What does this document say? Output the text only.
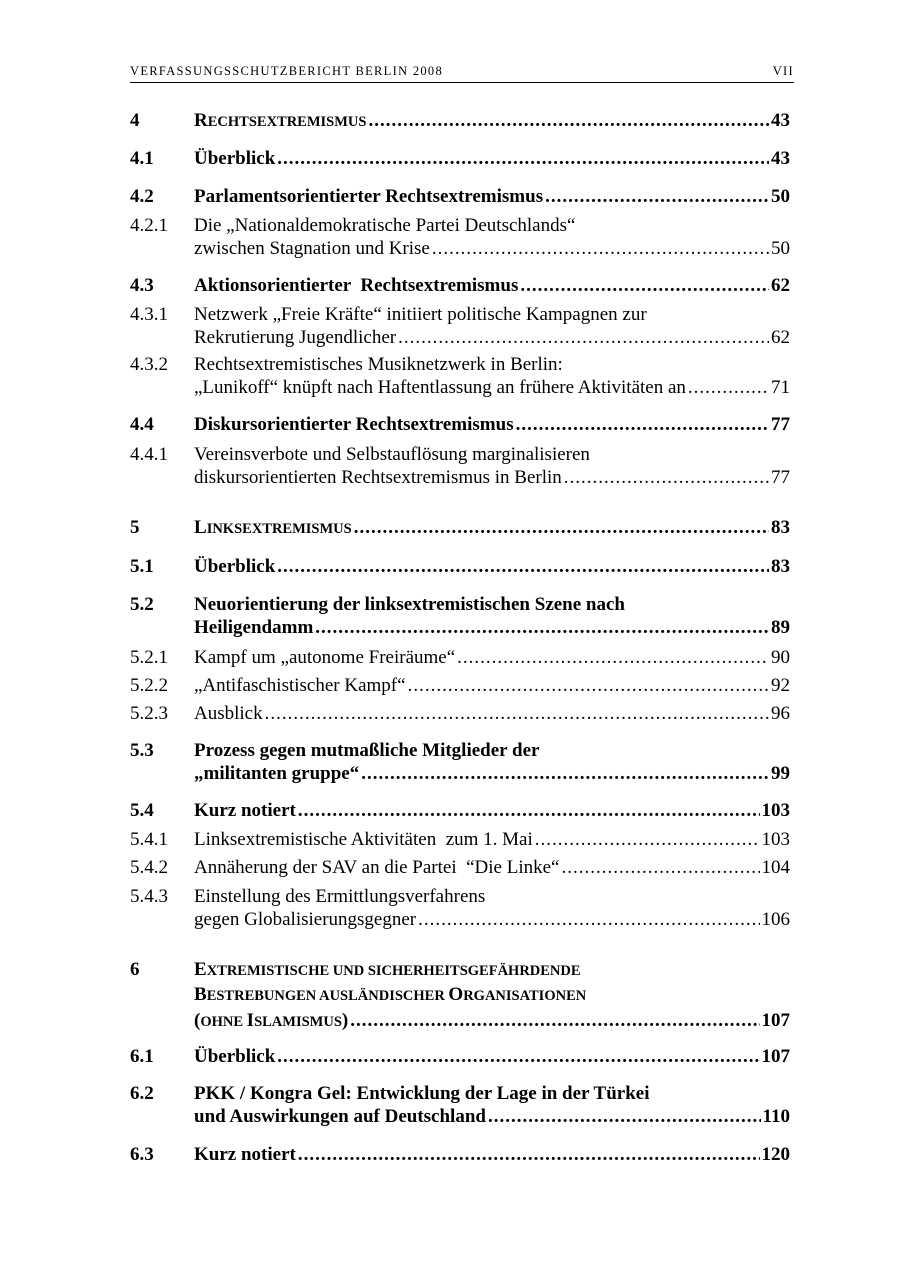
VERFASSUNGSSCHUTZBERICHT BERLIN 2008	VII
4	RECHTSEXTREMISMUS .....	43
4.1 Überblick .....	43
4.2 Parlamentsorientierter Rechtsextremismus .....	50
4.2.1 Die „Nationaldemokratische Partei Deutschlands“
zwischen Stagnation und Krise .....	50
4.3 Aktionsorientierter  Rechtsextremismus .....	62
4.3.1 Netzwerk „Freie Kräfte“ initiiert politische Kampagnen zur
Rekrutierung Jugendlicher .....	62
4.3.2 Rechtsextremistisches Musiknetzwerk in Berlin:
„Lunikoff“ knüpft nach Haftentlassung an frühere Aktivitäten an .....	71
4.4 Diskursorientierter Rechtsextremismus .....	77
4.4.1 Vereinsverbote und Selbstauflösung marginalisieren
diskursorientierten Rechtsextremismus in Berlin .....	77
5	LINKSEXTREMISMUS .....	83
5.1 Überblick .....	83
5.2 Neuorientierung der linksextremistischen Szene nach
Heiligendamm .....	89
5.2.1 Kampf um „autonome Freiräume“ .....	90
5.2.2 „Antifaschistischer Kampf“ .....	92
5.2.3 Ausblick .....	96
5.3 Prozess gegen mutmaßliche Mitglieder der
„militanten gruppe“ .....	99
5.4 Kurz notiert .....	103
5.4.1 Linksextremistische Aktivitäten  zum 1. Mai .....	103
5.4.2 Annäherung der SAV an die Partei  “Die Linke“ .....	104
5.4.3 Einstellung des Ermittlungsverfahrens
gegen Globalisierungsgegner .....	106
6	EXTREMISTISCHE UND SICHERHEITSGEFÄHRDENDE
BESTREBUNGEN AUSLÄNDISCHER ORGANISATIONEN
(OHNE ISLAMISMUS) .....	107
6.1 Überblick .....	107
6.2 PKK / Kongra Gel: Entwicklung der Lage in der Türkei
und Auswirkungen auf Deutschland .....	110
6.3 Kurz notiert .....	120
